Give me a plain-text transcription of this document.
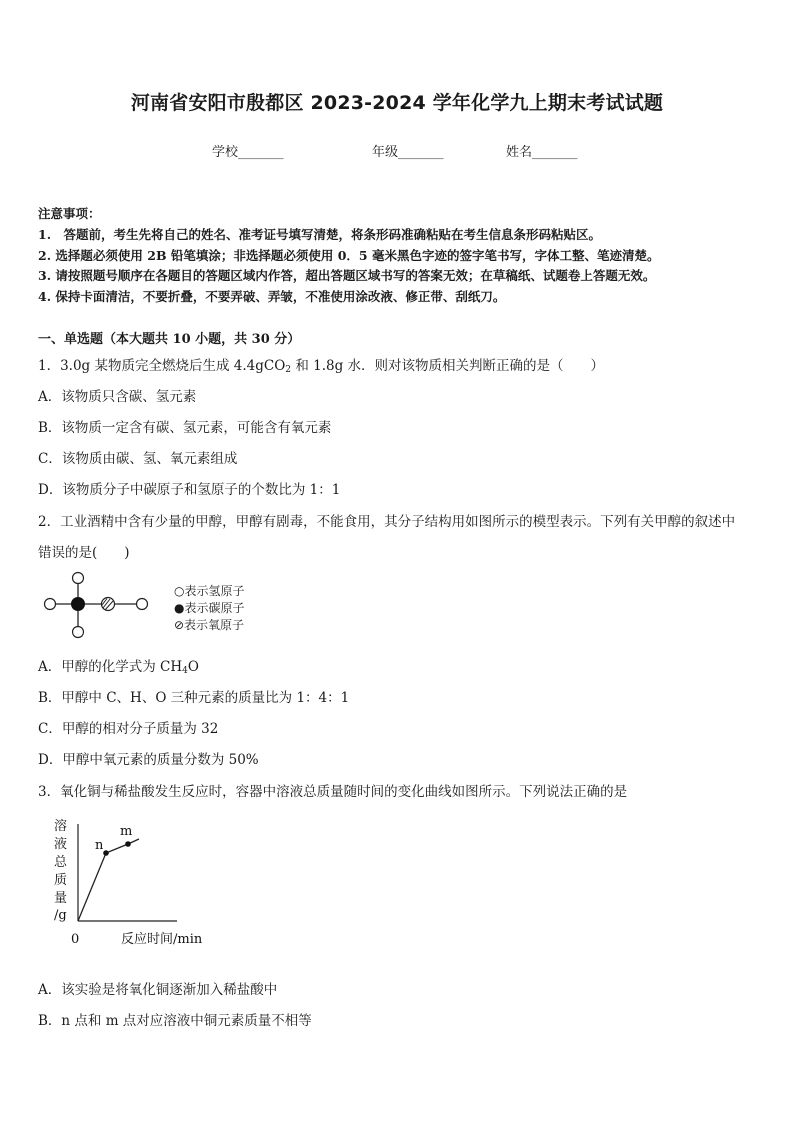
河南省安阳市殷都区 2023-2024 学年化学九上期末考试试题
学校_______	年级_______	姓名_______
注意事项：
1.　答题前，考生先将自己的姓名、准考证号填写清楚，将条形码准确粘贴在考生信息条形码粘贴区。
2. 选择题必须使用 2B 铅笔填涂；非选择题必须使用 0．5 毫米黑色字迹的签字笔书写，字体工整、笔迹清楚。
3. 请按照题号顺序在各题目的答题区域内作答，超出答题区域书写的答案无效；在草稿纸、试题卷上答题无效。
4. 保持卡面清洁，不要折叠，不要弄破、弄皱，不准使用涂改液、修正带、刮纸刀。
一、单选题（本大题共 10 小题，共 30 分）
1．3.0g 某物质完全燃烧后生成 4.4gCO$_2$ 和 1.8g 水．则对该物质相关判断正确的是（　　）
A．该物质只含碳、氢元素
B．该物质一定含有碳、氢元素，可能含有氧元素
C．该物质由碳、氢、氧元素组成
D．该物质分子中碳原子和氢原子的个数比为 1：1
2．工业酒精中含有少量的甲醇，甲醇有剧毒，不能食用，其分子结构用如图所示的模型表示。下列有关甲醇的叙述中
错误的是(　　)
○表示氢原子
●表示碳原子
⊘表示氧原子
A．甲醇的化学式为 $CH_4O$
B．甲醇中 C、H、O 三种元素的质量比为 1：4：1
C．甲醇的相对分子质量为 32
D．甲醇中氧元素的质量分数为 50%
3．氧化铜与稀盐酸发生反应时，容器中溶液总质量随时间的变化曲线如图所示。下列说法正确的是
溶
液
总
质
量
/g
n
m
0	反应时间/min
A．该实验是将氧化铜逐渐加入稀盐酸中
B．n 点和 m 点对应溶液中铜元素质量不相等
